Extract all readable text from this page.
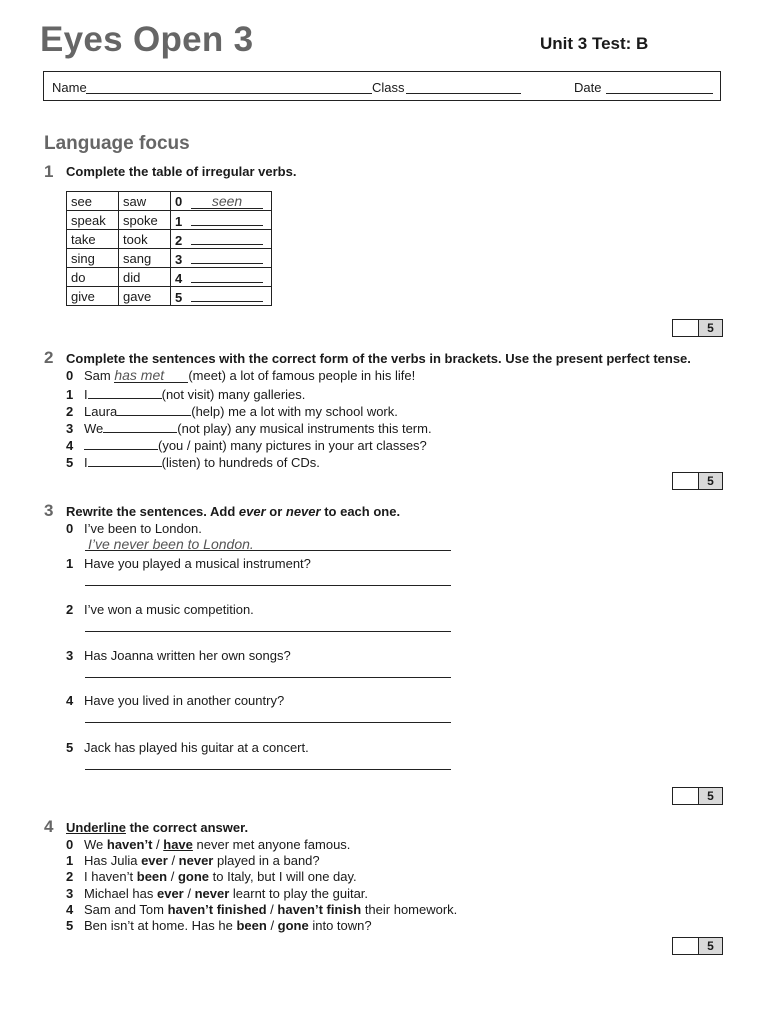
Eyes Open 3	Unit 3 Test: B
Name	Class	Date
Language focus
1 Complete the table of irregular verbs.
see	saw	0 seen
speak	spoke	1
take	took	2
sing	sang	3
do	did	4
give	gave	5
5
2 Complete the sentences with the correct form of the verbs in brackets. Use the present perfect tense.
0 Sam has met (meet) a lot of famous people in his life!
1 I	(not visit) many galleries.
2 Laura	(help) me a lot with my school work.
3 We	(not play) any musical instruments this term.
4	(you / paint) many pictures in your art classes?
5 I	(listen) to hundreds of CDs.
5
3 Rewrite the sentences. Add ever or never to each one.
0 I’ve been to London.
I’ve never been to London.
1 Have you played a musical instrument?
2 I’ve won a music competition.
3 Has Joanna written her own songs?
4 Have you lived in another country?
5 Jack has played his guitar at a concert.
5
4 Underline the correct answer.
0 We haven’t / have never met anyone famous.
1 Has Julia ever / never played in a band?
2 I haven’t been / gone to Italy, but I will one day.
3 Michael has ever / never learnt to play the guitar.
4 Sam and Tom haven’t finished / haven’t finish their homework.
5 Ben isn’t at home. Has he been / gone into town?
5
